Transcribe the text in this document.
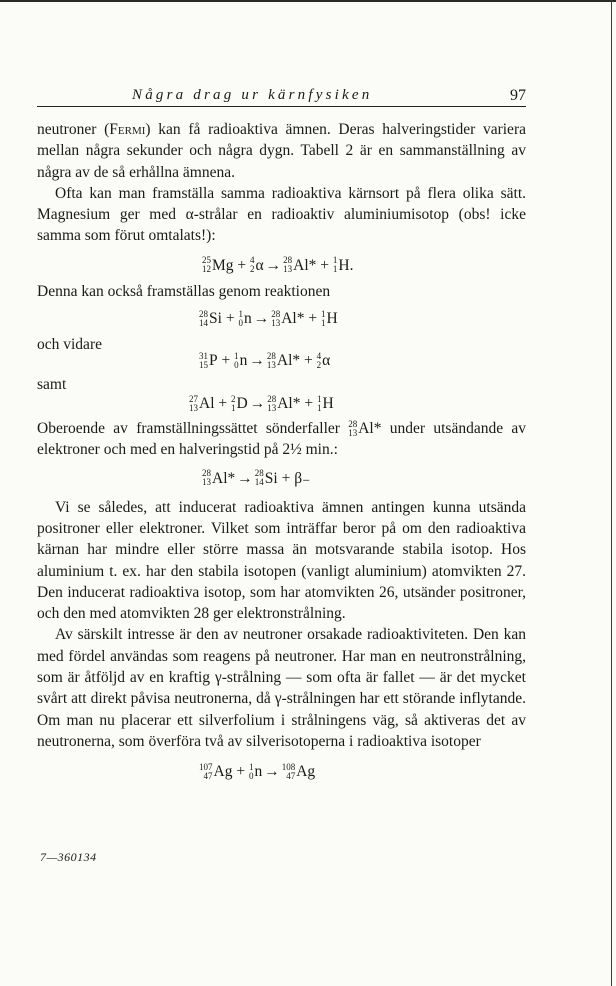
Några drag ur kärnfysiken	97

neutroner (Fermi) kan få radioaktiva ämnen. Deras halveringstider variera mellan några sekunder och några dygn. Tabell 2 är en sammanställning av några av de så erhållna ämnena.

Ofta kan man framställa samma radioaktiva kärnsort på flera olika sätt. Magnesium ger med α-strålar en radioaktiv aluminiumisotop (obs! icke samma som förut omtalats!):

25
12 Mg + 4
2 α → 28
13 Al* + 1
1 H.

Denna kan också framställas genom reaktionen

28
14 Si + 1
0 n → 28
13 Al* + 1
1 H
och vidare
31
15 P + 1
0 n → 28
13 Al* + 4
2 α
samt
27
13 Al + 2
1 D → 28
13 Al* + 1
1 H

Oberoende av framställningssättet sönderfaller 28
13 Al* under utsändande av elektroner och med en halveringstid på 2½ min.:

28
13 Al* → 28
14 Si + β₋

Vi se således, att inducerat radioaktiva ämnen antingen kunna utsända positroner eller elektroner. Vilket som inträffar beror på om den radioaktiva kärnan har mindre eller större massa än motsvarande stabila isotop. Hos aluminium t. ex. har den stabila isotopen (vanligt aluminium) atomvikten 27. Den inducerat radioaktiva isotop, som har atomvikten 26, utsänder positroner, och den med atomvikten 28 ger elektronstrålning.

Av särskilt intresse är den av neutroner orsakade radioaktiviteten. Den kan med fördel användas som reagens på neutroner. Har man en neutronstrålning, som är åtföljd av en kraftig γ-strålning — som ofta är fallet — är det mycket svårt att direkt påvisa neutronerna, då γ-strålningen har ett störande inflytande. Om man nu placerar ett silverfolium i strålningens väg, så aktiveras det av neutronerna, som överföra två av silverisotoperna i radioaktiva isotoper

107
47 Ag + 1
0 n → 108
47 Ag
7—360134
